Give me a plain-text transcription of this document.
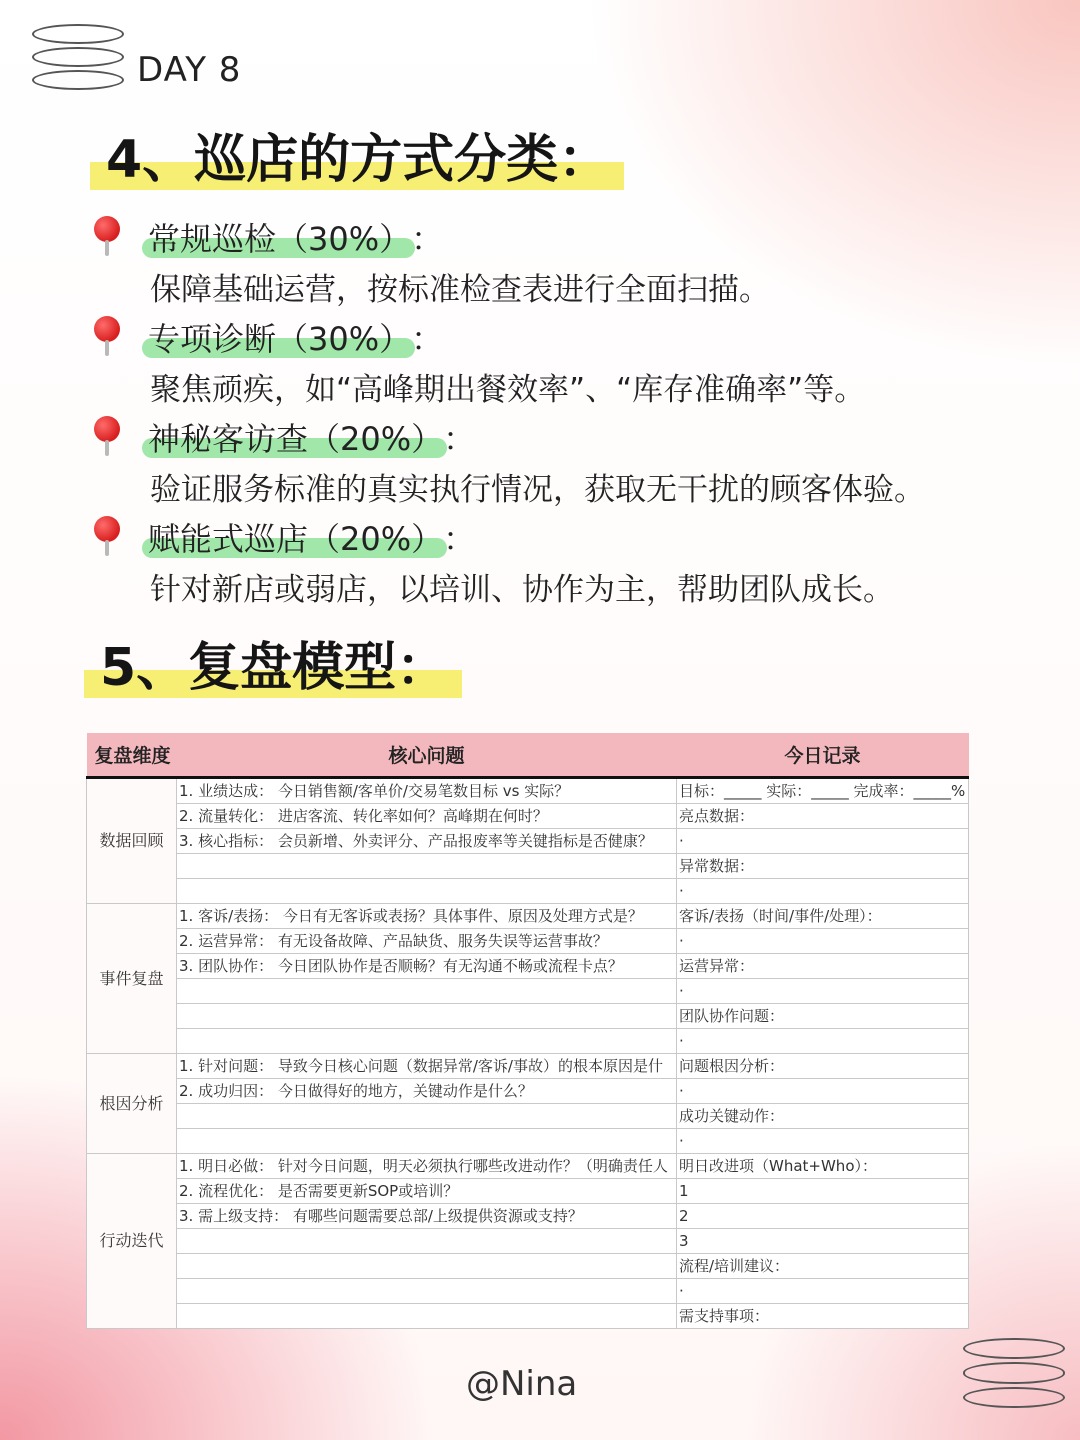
DAY 8
4、巡店的方式分类：
常规巡检（30%）：
保障基础运营，按标准检查表进行全面扫描。
专项诊断（30%）：
聚焦顽疾，如“高峰期出餐效率”、“库存准确率”等。
神秘客访查（20%）：
验证服务标准的真实执行情况，获取无干扰的顾客体验。
赋能式巡店（20%）：
针对新店或弱店，以培训、协作为主，帮助团队成长。
5、复盘模型：
复盘维度	核心问题	今日记录
数据回顾	1. 业绩达成： 今日销售额/客单价/交易笔数目标 vs 实际？	目标：_____ 实际：_____ 完成率：_____%
	2. 流量转化： 进店客流、转化率如何？高峰期在何时？	亮点数据：
	3. 核心指标： 会员新增、外卖评分、产品报废率等关键指标是否健康？	·
		异常数据：
		·
事件复盘	1. 客诉/表扬： 今日有无客诉或表扬？具体事件、原因及处理方式是？	客诉/表扬（时间/事件/处理）：
	2. 运营异常： 有无设备故障、产品缺货、服务失误等运营事故？	·
	3. 团队协作： 今日团队协作是否顺畅？有无沟通不畅或流程卡点？	运营异常：
		·
		团队协作问题：
		·
根因分析	1. 针对问题： 导致今日核心问题（数据异常/客诉/事故）的根本原因是什	问题根因分析：
	2. 成功归因： 今日做得好的地方，关键动作是什么？	·
		成功关键动作：
		·
行动迭代	1. 明日必做： 针对今日问题，明天必须执行哪些改进动作？（明确责任人	明日改进项（What+Who）：
	2. 流程优化： 是否需要更新SOP或培训？	1
	3. 需上级支持： 有哪些问题需要总部/上级提供资源或支持？	2
		3
		流程/培训建议：
		·
		需支持事项：
@Nina
